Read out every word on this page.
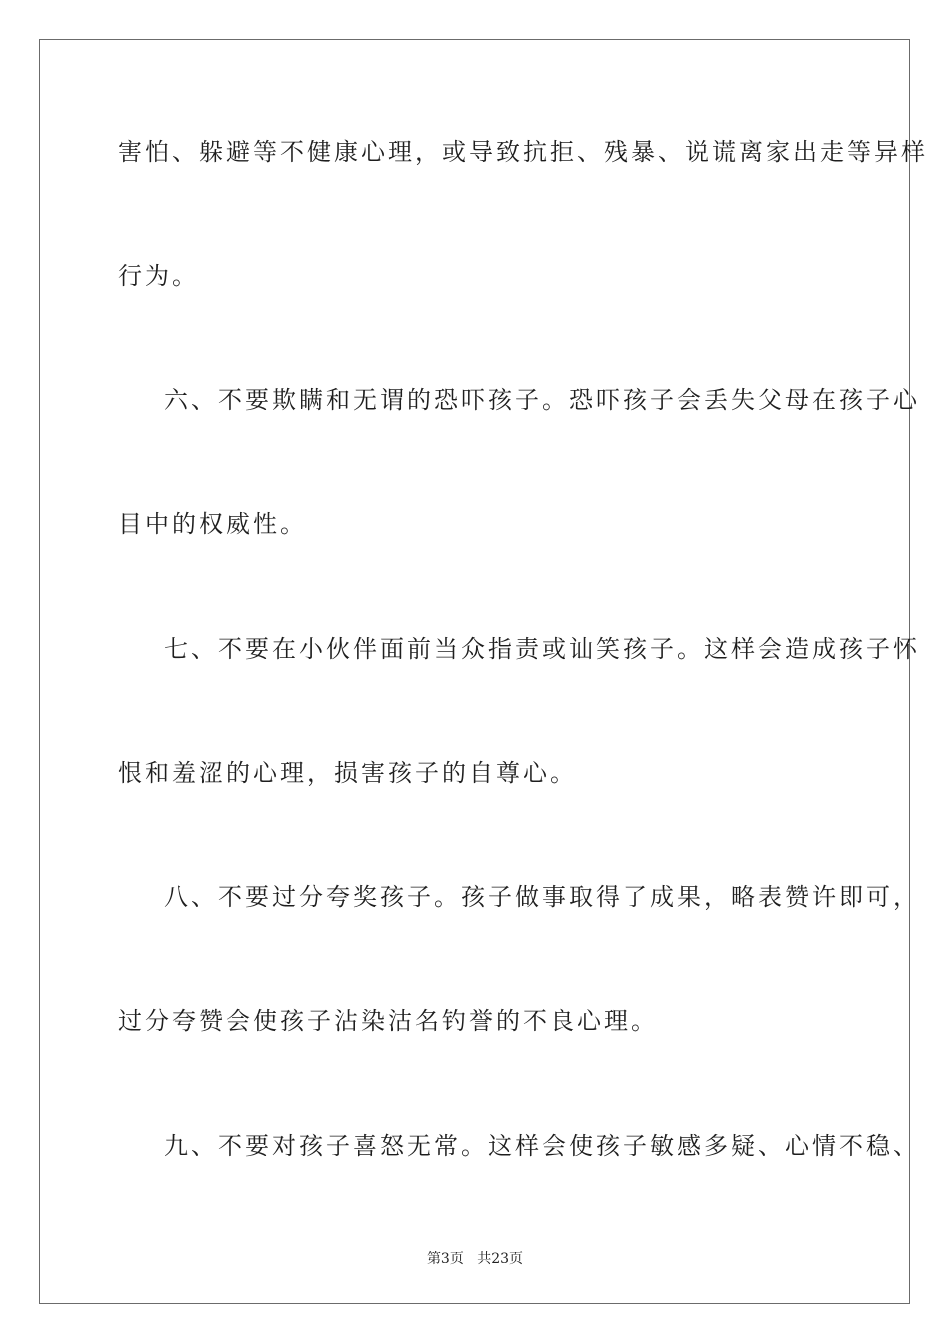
害怕、躲避等不健康心理，或导致抗拒、残暴、说谎离家出走等异样
行为。
六、不要欺瞒和无谓的恐吓孩子。恐吓孩子会丢失父母在孩子心
目中的权威性。
七、不要在小伙伴面前当众指责或讪笑孩子。这样会造成孩子怀
恨和羞涩的心理，损害孩子的自尊心。
八、不要过分夸奖孩子。孩子做事取得了成果，略表赞许即可，
过分夸赞会使孩子沾染沽名钓誉的不良心理。
九、不要对孩子喜怒无常。这样会使孩子敏感多疑、心情不稳、
第3页 共23页
